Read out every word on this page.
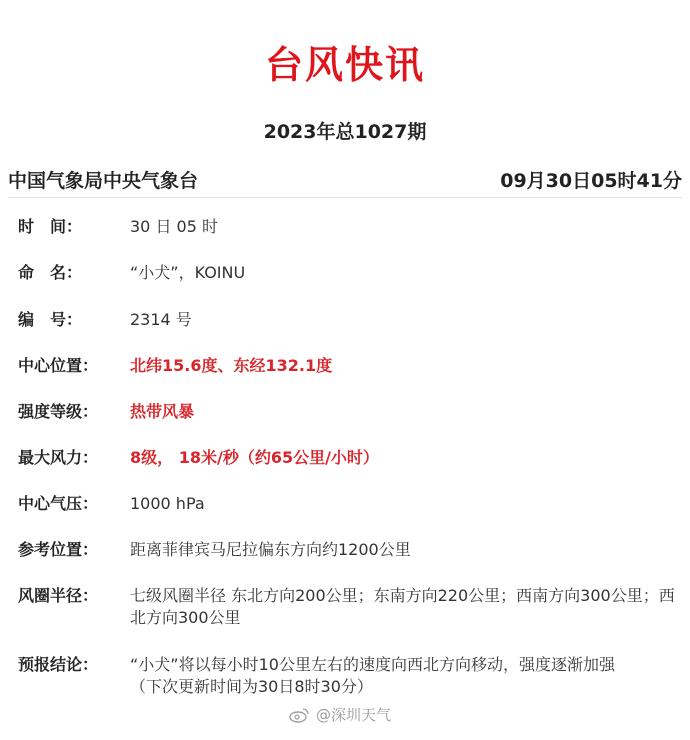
台风快讯
2023年总1027期
中国气象局中央气象台	09月30日05时41分
时　间：	30 日 05 时
命　名：	“小犬”，KOINU
编　号：	2314 号
中心位置：	北纬15.6度、东经132.1度
强度等级：	热带风暴
最大风力：	8级， 18米/秒（约65公里/小时）
中心气压：	1000 hPa
参考位置：	距离菲律宾马尼拉偏东方向约1200公里
风圈半径：	七级风圈半径 东北方向200公里；东南方向220公里；西南方向300公里；西北方向300公里
预报结论：	“小犬”将以每小时10公里左右的速度向西北方向移动，强度逐渐加强
（下次更新时间为30日8时30分）
@深圳天气
